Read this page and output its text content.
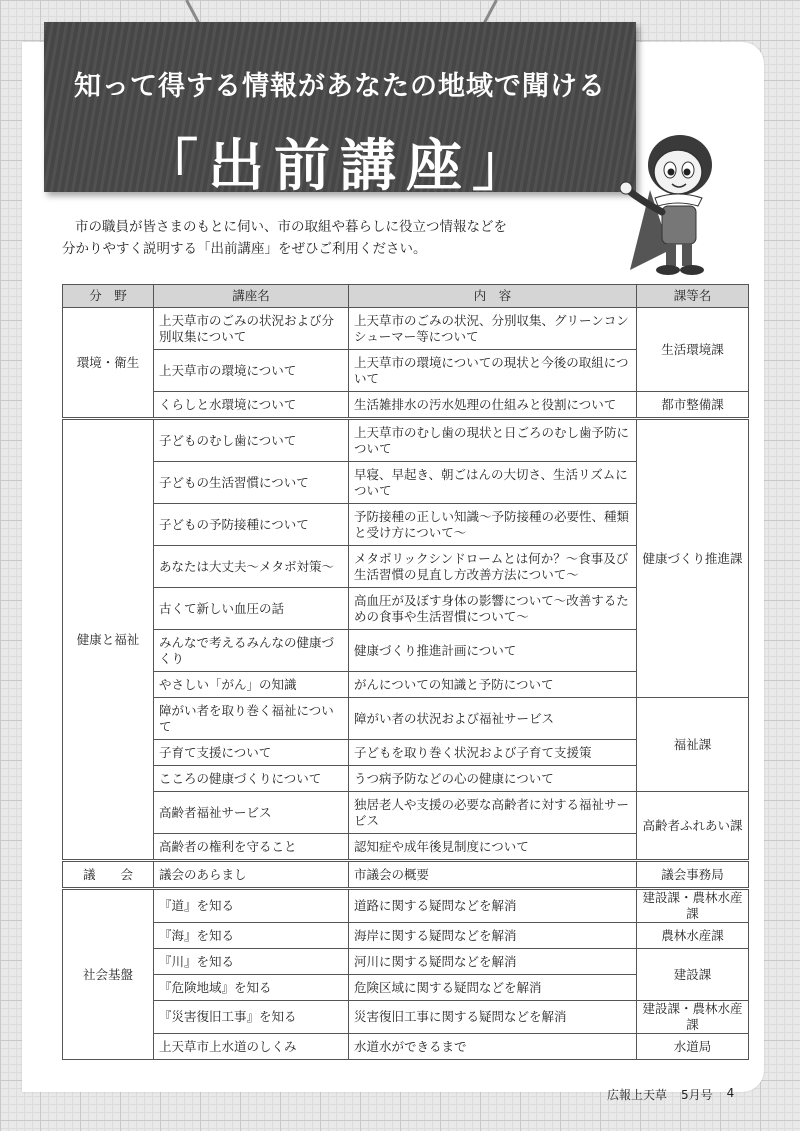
知って得する情報があなたの地域で聞ける
「出前講座」

市の職員が皆さまのもとに伺い、市の取組や暮らしに役立つ情報などを
分かりやすく説明する「出前講座」をぜひご利用ください。

分　野	講座名	内　容	課等名
環境・衛生	上天草市のごみの状況および分別収集について	上天草市のごみの状況、分別収集、グリーンコンシューマー等について	生活環境課
	上天草市の環境について	上天草市の環境についての現状と今後の取組について	
	くらしと水環境について	生活雑排水の汚水処理の仕組みと役割について	都市整備課
健康と福祉	子どものむし歯について	上天草市のむし歯の現状と日ごろのむし歯予防について	健康づくり推進課
	子どもの生活習慣について	早寝、早起き、朝ごはんの大切さ、生活リズムについて	
	子どもの予防接種について	予防接種の正しい知識〜予防接種の必要性、種類と受け方について〜	
	あなたは大丈夫〜メタボ対策〜	メタボリックシンドロームとは何か？〜食事及び生活習慣の見直し方改善方法について〜	
	古くて新しい血圧の話	高血圧が及ぼす身体の影響について〜改善するための食事や生活習慣について〜	
	みんなで考えるみんなの健康づくり	健康づくり推進計画について	
	やさしい「がん」の知識	がんについての知識と予防について	
	障がい者を取り巻く福祉について	障がい者の状況および福祉サービス	福祉課
	子育て支援について	子どもを取り巻く状況および子育て支援策	
	こころの健康づくりについて	うつ病予防などの心の健康について	
	高齢者福祉サービス	独居老人や支援の必要な高齢者に対する福祉サービス	高齢者ふれあい課
	高齢者の権利を守ること	認知症や成年後見制度について	
議　　会	議会のあらまし	市議会の概要	議会事務局
社会基盤	『道』を知る	道路に関する疑問などを解消	建設課・農林水産課
	『海』を知る	海岸に関する疑問などを解消	農林水産課
	『川』を知る	河川に関する疑問などを解消	建設課
	『危険地域』を知る	危険区域に関する疑問などを解消	
	『災害復旧工事』を知る	災害復旧工事に関する疑問などを解消	建設課・農林水産課
	上天草市上水道のしくみ	水道水ができるまで	水道局
広報上天草 5月号 4
